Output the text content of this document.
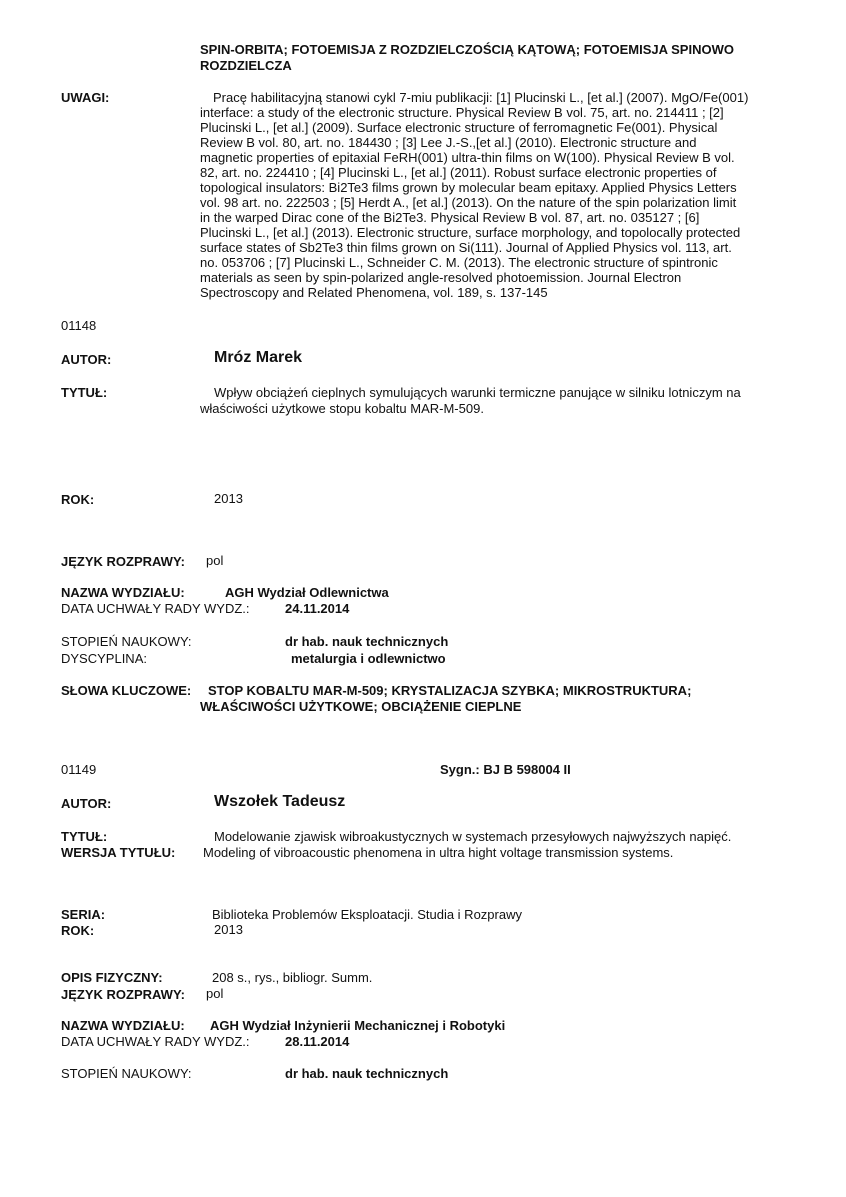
SPIN-ORBITA; FOTOEMISJA Z ROZDZIELCZOŚCIĄ KĄTOWĄ; FOTOEMISJA SPINOWO
ROZDZIELCZA
UWAGI:	Pracę habilitacyjną stanowi cykl 7-miu publikacji: [1] Plucinski L., [et al.] (2007). MgO/Fe(001)
interface: a study of the electronic structure. Physical Review B vol. 75, art. no. 214411 ; [2]
Plucinski L., [et al.] (2009). Surface electronic structure of ferromagnetic Fe(001). Physical
Review B vol. 80, art. no. 184430 ; [3] Lee J.-S.,[et al.] (2010). Electronic structure and
magnetic properties of epitaxial FeRH(001) ultra-thin films on W(100). Physical Review B vol.
82, art. no. 224410 ; [4] Plucinski L., [et al.] (2011). Robust surface electronic properties of
topological insulators: Bi2Te3 films grown by molecular beam epitaxy. Applied Physics Letters
vol. 98 art. no. 222503 ; [5] Herdt A., [et al.] (2013). On the nature of the spin polarization limit
in the warped Dirac cone of the Bi2Te3. Physical Review B vol. 87, art. no. 035127 ; [6]
Plucinski L., [et al.] (2013). Electronic structure, surface morphology, and topolocally protected
surface states of Sb2Te3 thin films grown on Si(111). Journal of Applied Physics vol. 113, art.
no. 053706 ; [7] Plucinski L., Schneider C. M. (2013). The electronic structure of spintronic
materials as seen by spin-polarized angle-resolved photoemission. Journal Electron
Spectroscopy and Related Phenomena, vol. 189, s. 137-145
01148
AUTOR:	Mróz Marek
TYTUŁ:	Wpływ obciążeń cieplnych symulujących warunki termiczne panujące w silniku lotniczym na
właściwości użytkowe stopu kobaltu MAR-M-509.
ROK:	2013
JĘZYK ROZPRAWY: pol
NAZWA WYDZIAŁU:	AGH Wydział Odlewnictwa
DATA UCHWAŁY RADY WYDZ.:	24.11.2014
STOPIEŃ NAUKOWY:	dr hab. nauk technicznych
DYSCYPLINA:	metalurgia i odlewnictwo
SŁOWA KLUCZOWE: STOP KOBALTU MAR-M-509; KRYSTALIZACJA SZYBKA; MIKROSTRUKTURA;
WŁAŚCIWOŚCI UŻYTKOWE; OBCIĄŻENIE CIEPLNE
01149	Sygn.: BJ B 598004 II
AUTOR:	Wszołek Tadeusz
TYTUŁ:	Modelowanie zjawisk wibroakustycznych w systemach przesyłowych najwyższych napięć.
WERSJA TYTUŁU: Modeling of vibroacoustic phenomena in ultra hight voltage transmission systems.
SERIA:	Biblioteka Problemów Eksploatacji. Studia i Rozprawy
ROK:	2013
OPIS FIZYCZNY:	208 s., rys., bibliogr. Summ.
JĘZYK ROZPRAWY: pol
NAZWA WYDZIAŁU: AGH Wydział Inżynierii Mechanicznej i Robotyki
DATA UCHWAŁY RADY WYDZ.:	28.11.2014
STOPIEŃ NAUKOWY:	dr hab. nauk technicznych
